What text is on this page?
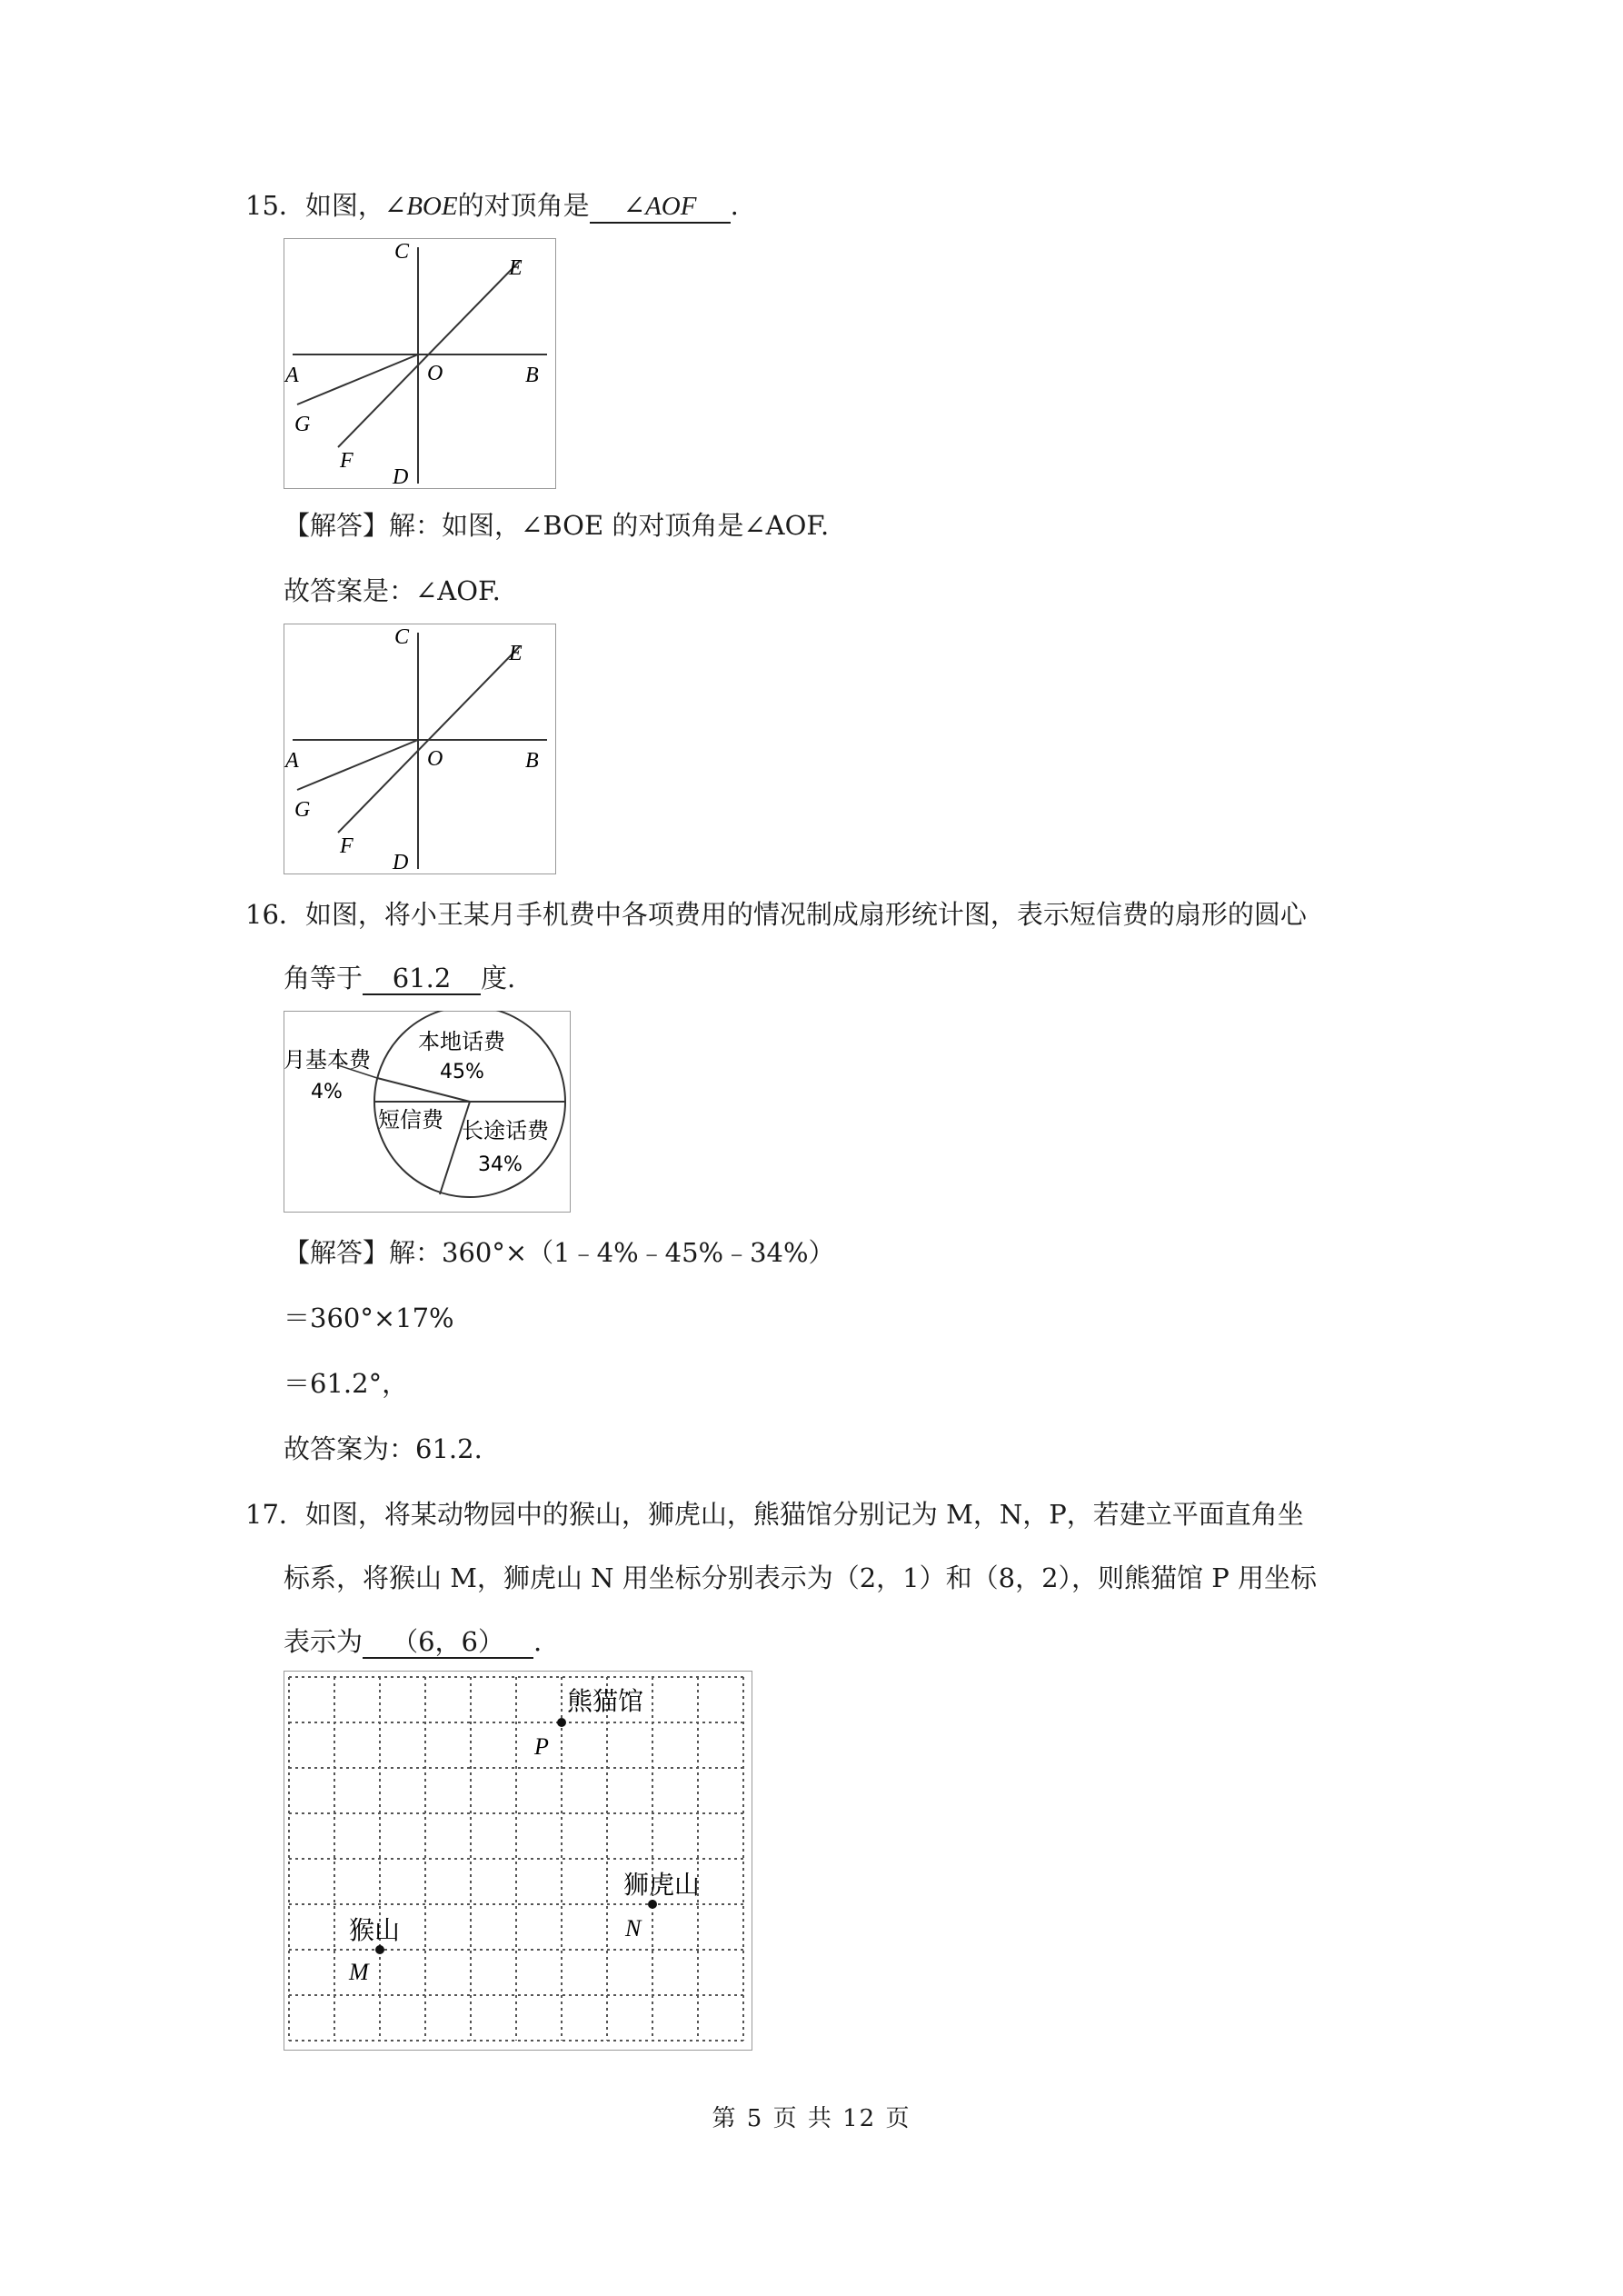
15．如图，∠BOE的对顶角是 ∠AOF .
C
E
A	O	B
G
F
D
【解答】解：如图，∠BOE 的对顶角是∠AOF.
故答案是：∠AOF.
C
E
A	O	B
G
F
D
16．如图，将小王某月手机费中各项费用的情况制成扇形统计图，表示短信费的扇形的圆心
角等于 61.2 度.
本地话费
45%
月基本费
4%
短信费 长途话费
34%
【解答】解：360°×（1﹣4%﹣45%﹣34%）
＝360°×17%
＝61.2°，
故答案为：61.2.
17．如图，将某动物园中的猴山，狮虎山，熊猫馆分别记为 M，N，P，若建立平面直角坐
标系，将猴山 M，狮虎山 N 用坐标分别表示为（2，1）和（8，2），则熊猫馆 P 用坐标
表示为 （6，6） .
熊猫馆
P
狮虎山
N
猴山
M
第 5 页 共 12 页
